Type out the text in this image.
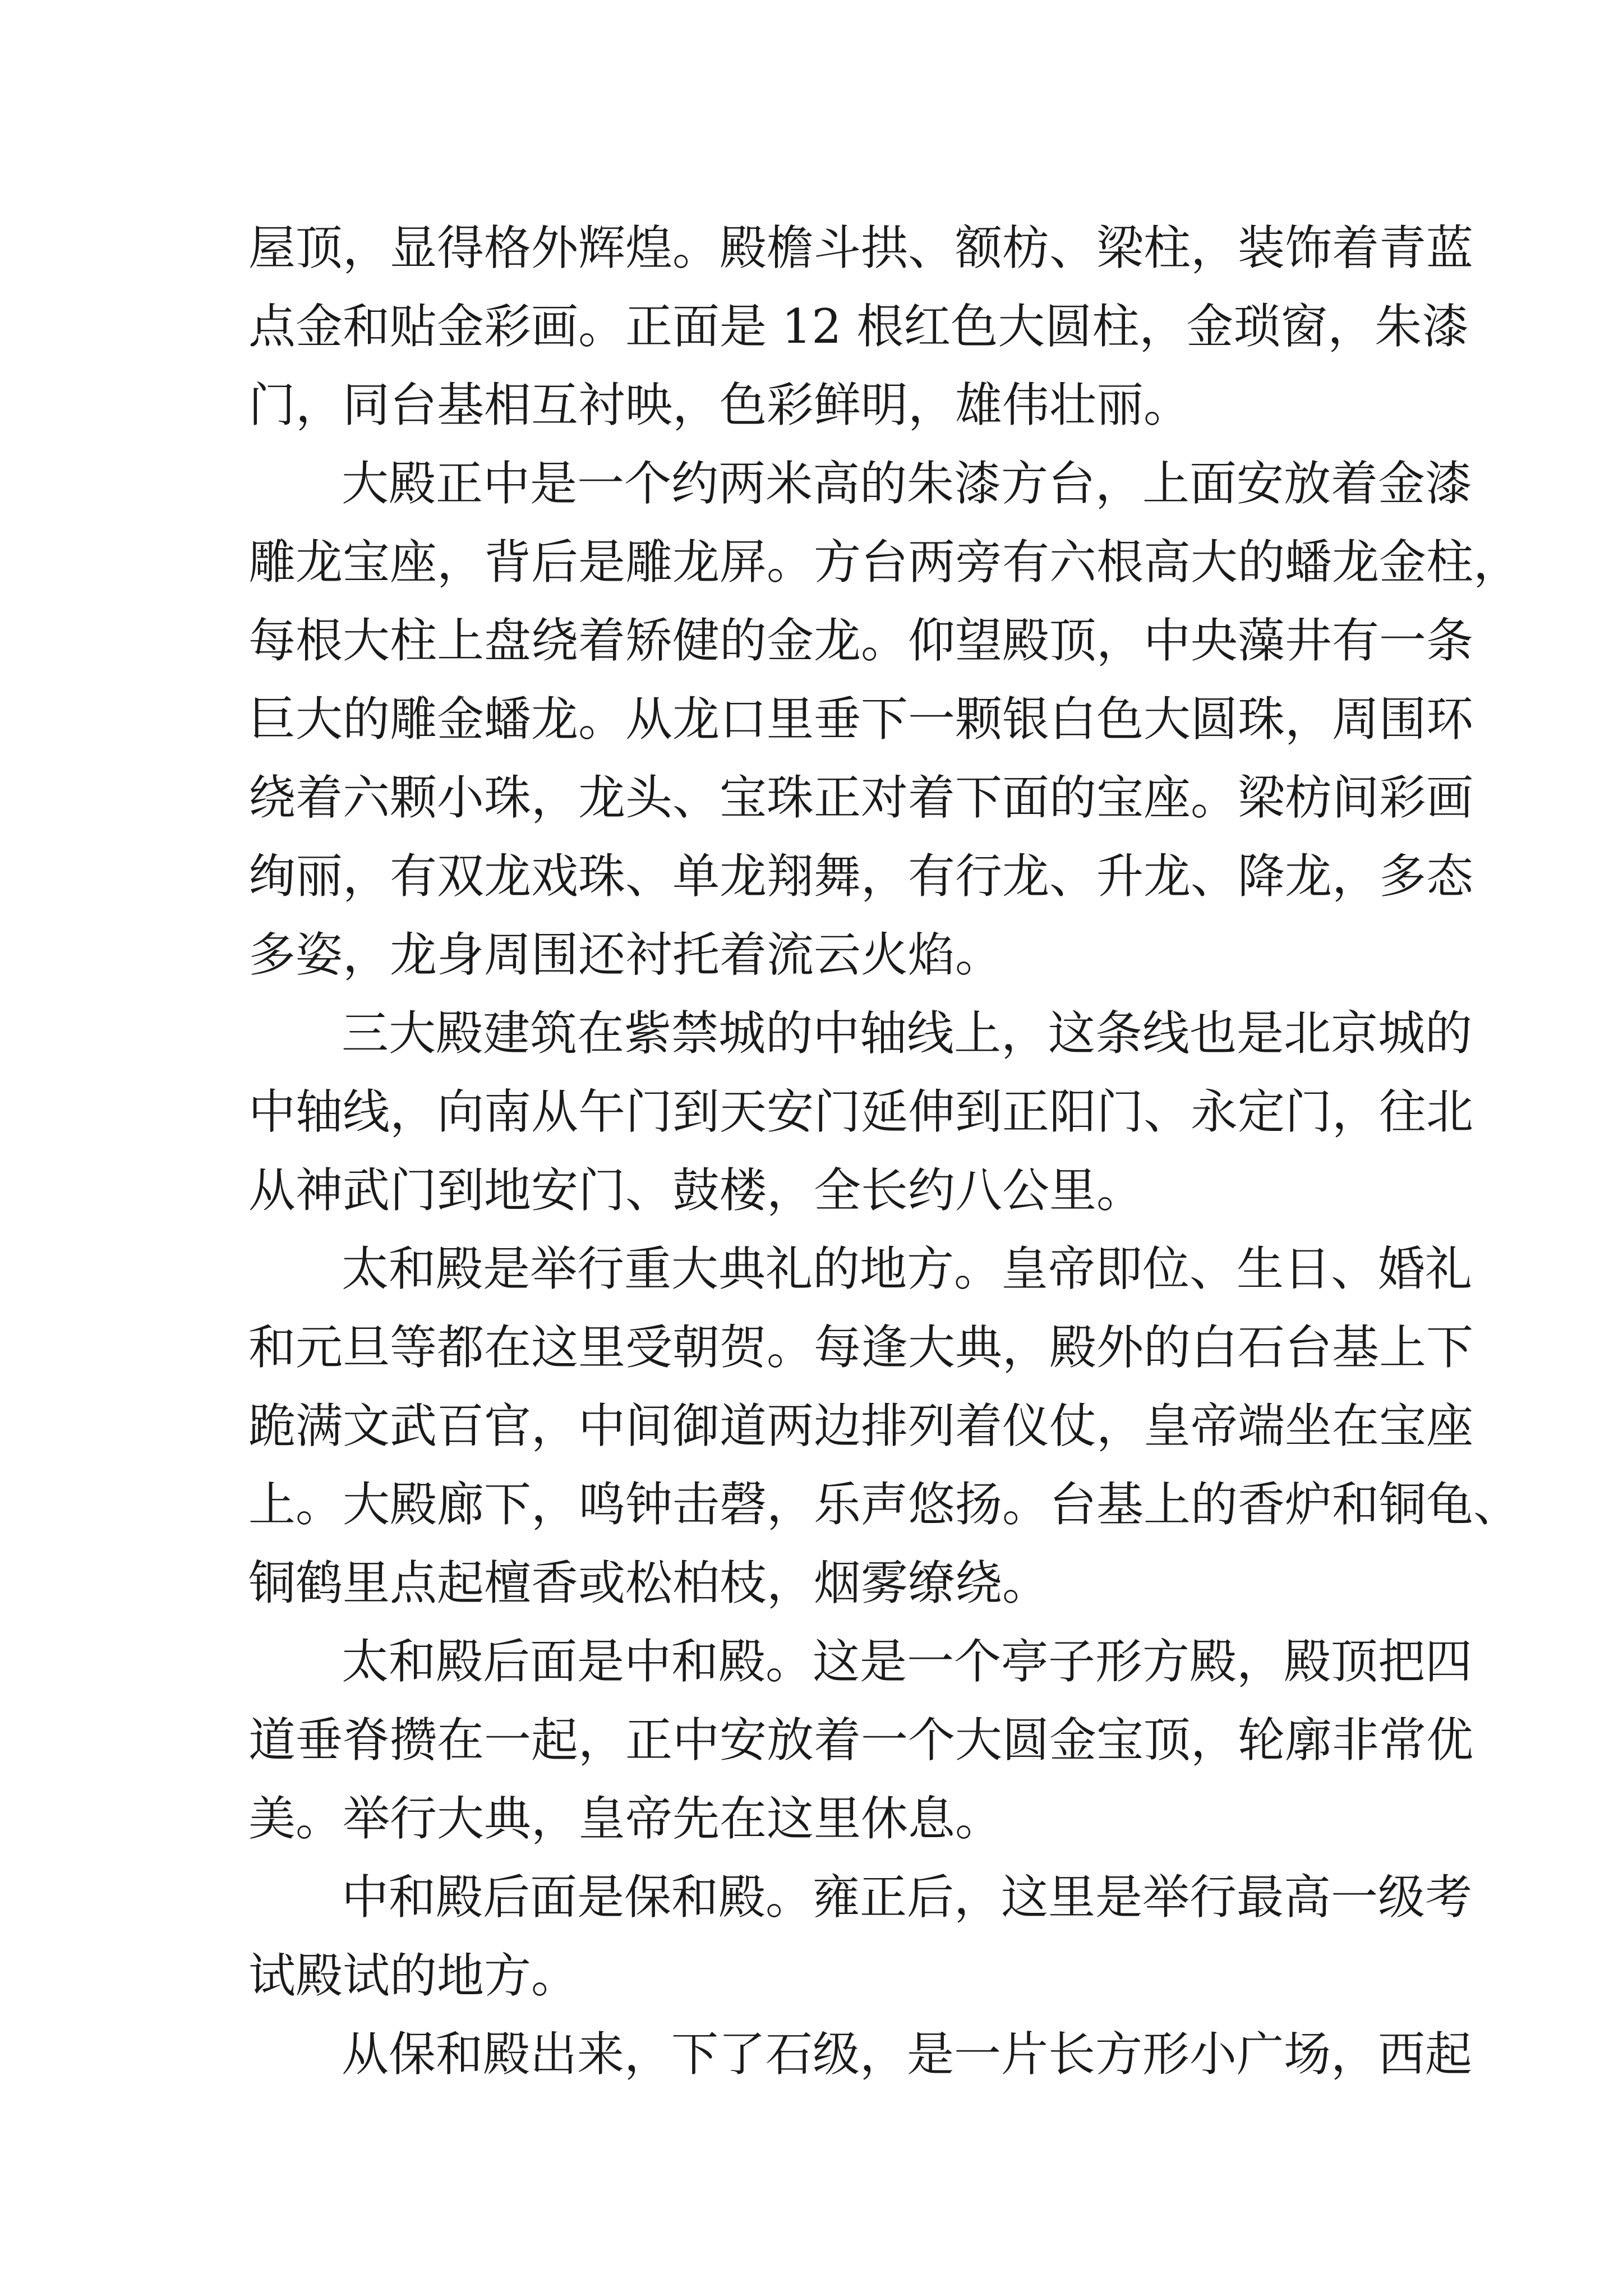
屋顶，显得格外辉煌。殿檐斗拱、额枋、梁柱，装饰着青蓝
点金和贴金彩画。正面是 12 根红色大圆柱，金琐窗，朱漆
门，同台基相互衬映，色彩鲜明，雄伟壮丽。
大殿正中是一个约两米高的朱漆方台，上面安放着金漆
雕龙宝座，背后是雕龙屏。方台两旁有六根高大的蟠龙金柱，
每根大柱上盘绕着矫健的金龙。仰望殿顶，中央藻井有一条
巨大的雕金蟠龙。从龙口里垂下一颗银白色大圆珠，周围环
绕着六颗小珠，龙头、宝珠正对着下面的宝座。梁枋间彩画
绚丽，有双龙戏珠、单龙翔舞，有行龙、升龙、降龙，多态
多姿，龙身周围还衬托着流云火焰。
三大殿建筑在紫禁城的中轴线上，这条线也是北京城的
中轴线，向南从午门到天安门延伸到正阳门、永定门，往北
从神武门到地安门、鼓楼，全长约八公里。
太和殿是举行重大典礼的地方。皇帝即位、生日、婚礼
和元旦等都在这里受朝贺。每逢大典，殿外的白石台基上下
跪满文武百官，中间御道两边排列着仪仗，皇帝端坐在宝座
上。大殿廊下，鸣钟击磬，乐声悠扬。台基上的香炉和铜龟、
铜鹤里点起檀香或松柏枝，烟雾缭绕。
太和殿后面是中和殿。这是一个亭子形方殿，殿顶把四
道垂脊攒在一起，正中安放着一个大圆金宝顶，轮廓非常优
美。举行大典，皇帝先在这里休息。
中和殿后面是保和殿。雍正后，这里是举行最高一级考
试殿试的地方。
从保和殿出来，下了石级，是一片长方形小广场，西起
